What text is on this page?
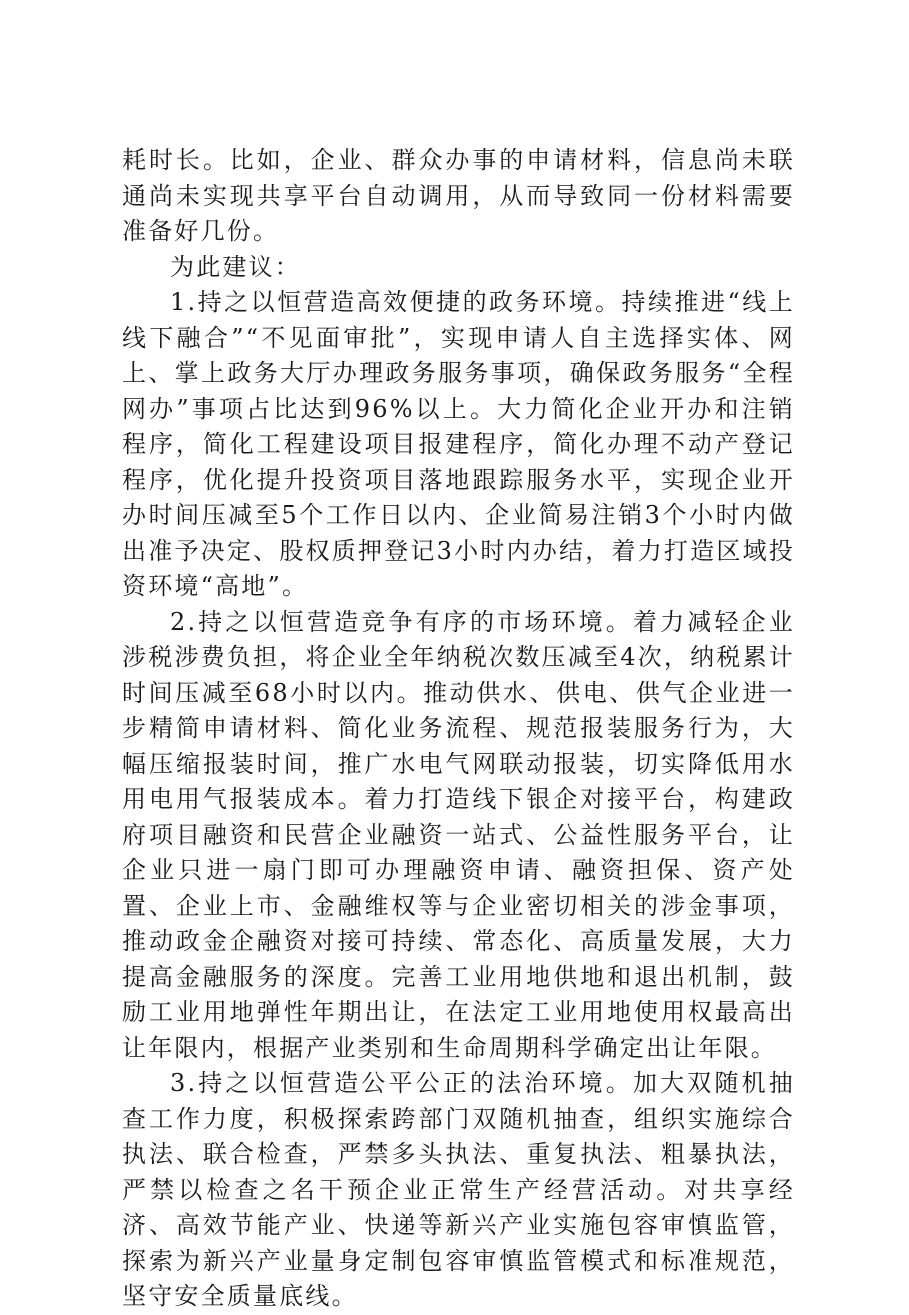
耗时长。比如，企业、群众办事的申请材料，信息尚未联通尚未实现共享平台自动调用，从而导致同一份材料需要准备好几份。

为此建议：

1.持之以恒营造高效便捷的政务环境。持续推进“线上线下融合”“不见面审批”，实现申请人自主选择实体、网上、掌上政务大厅办理政务服务事项，确保政务服务“全程网办”事项占比达到96%以上。大力简化企业开办和注销程序，简化工程建设项目报建程序，简化办理不动产登记程序，优化提升投资项目落地跟踪服务水平，实现企业开办时间压减至5个工作日以内、企业简易注销3个小时内做出准予决定、股权质押登记3小时内办结，着力打造区域投资环境“高地”。

2.持之以恒营造竞争有序的市场环境。着力减轻企业涉税涉费负担，将企业全年纳税次数压减至4次，纳税累计时间压减至68小时以内。推动供水、供电、供气企业进一步精简申请材料、简化业务流程、规范报装服务行为，大幅压缩报装时间，推广水电气网联动报装，切实降低用水用电用气报装成本。着力打造线下银企对接平台，构建政府项目融资和民营企业融资一站式、公益性服务平台，让企业只进一扇门即可办理融资申请、融资担保、资产处置、企业上市、金融维权等与企业密切相关的涉金事项，推动政金企融资对接可持续、常态化、高质量发展，大力提高金融服务的深度。完善工业用地供地和退出机制，鼓励工业用地弹性年期出让，在法定工业用地使用权最高出让年限内，根据产业类别和生命周期科学确定出让年限。

3.持之以恒营造公平公正的法治环境。加大双随机抽查工作力度，积极探索跨部门双随机抽查，组织实施综合执法、联合检查，严禁多头执法、重复执法、粗暴执法，严禁以检查之名干预企业正常生产经营活动。对共享经济、高效节能产业、快递等新兴产业实施包容审慎监管，探索为新兴产业量身定制包容审慎监管模式和标准规范，坚守安全质量底线。
